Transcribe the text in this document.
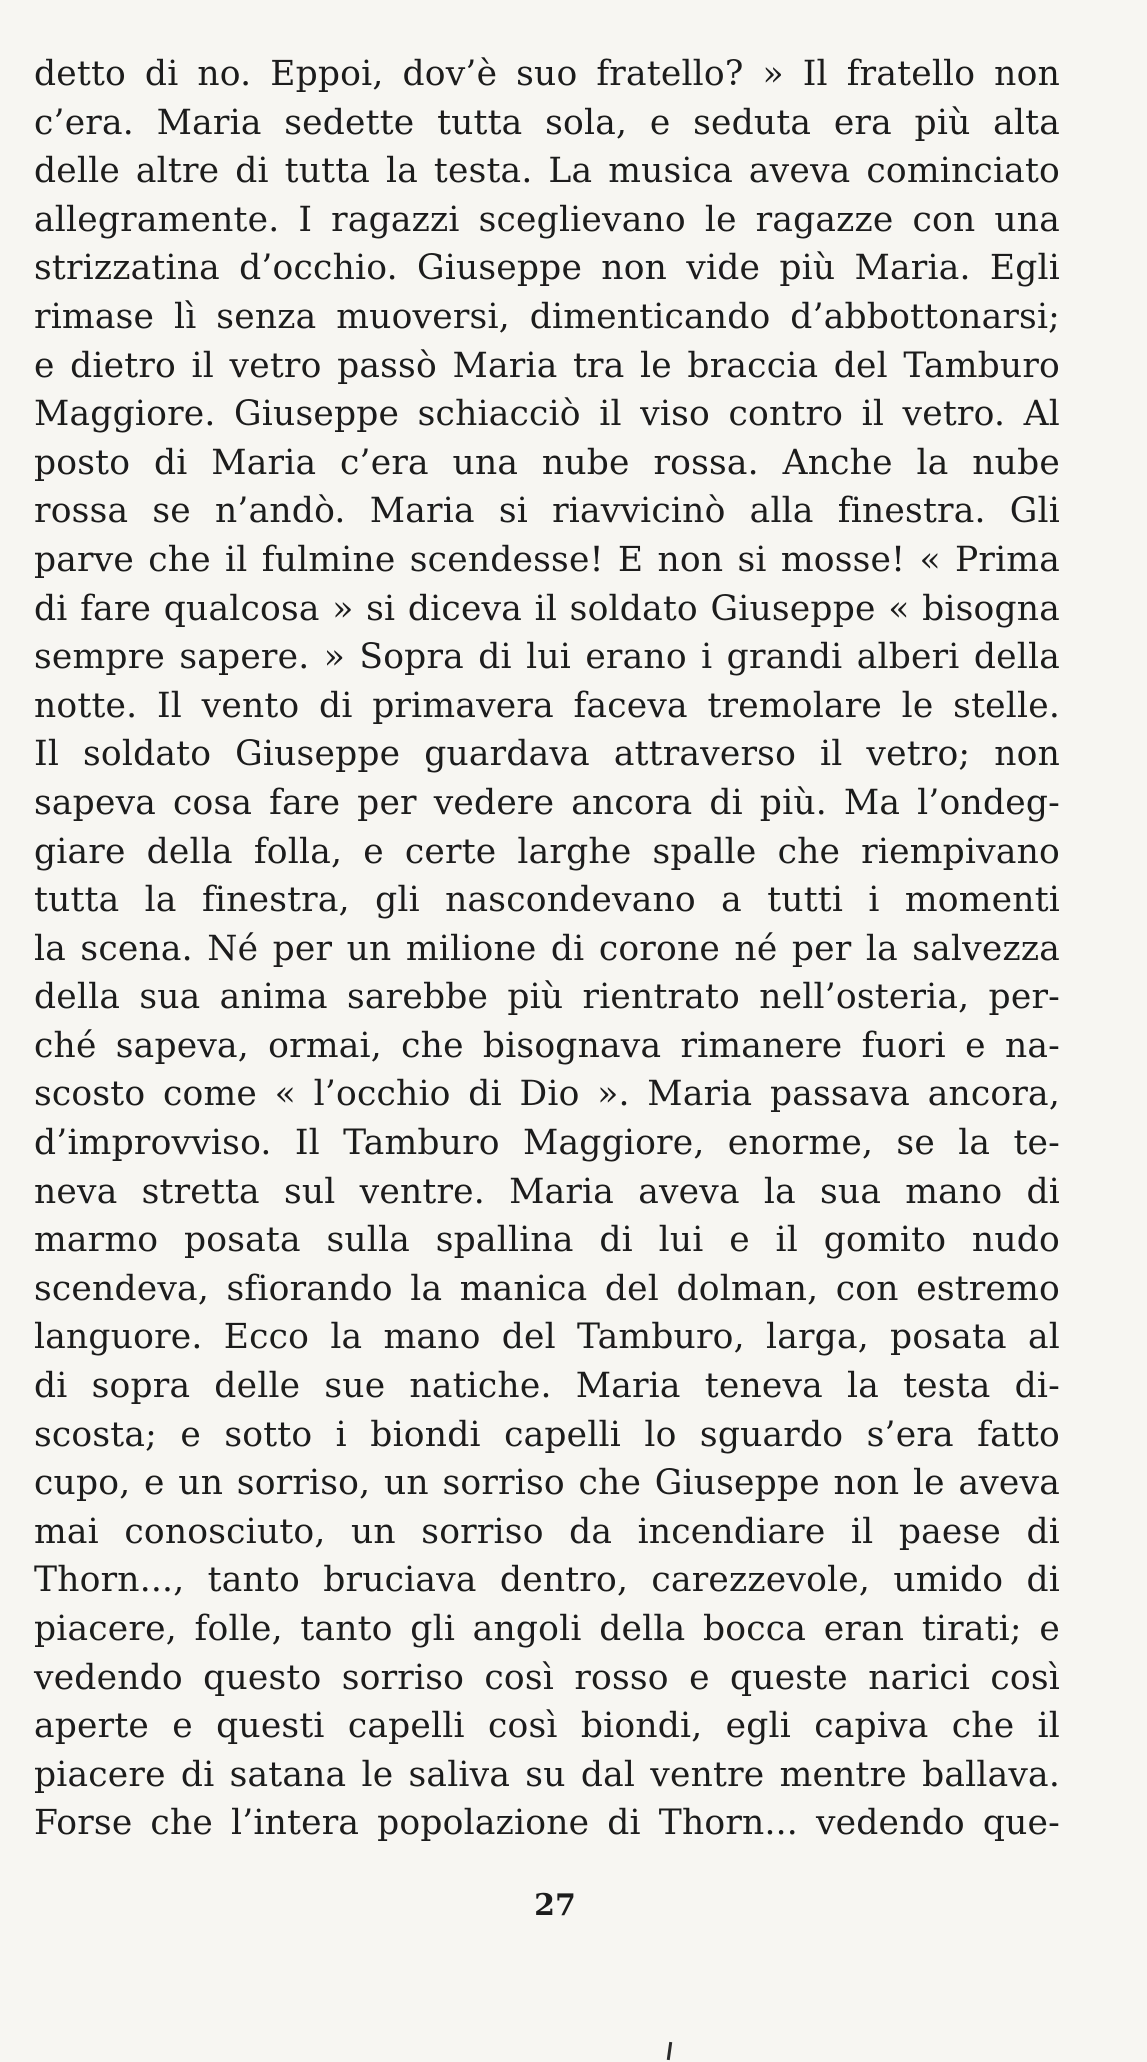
detto di no. Eppoi, dov’è suo fratello? » Il fratello non
c’era. Maria sedette tutta sola, e seduta era più alta
delle altre di tutta la testa. La musica aveva cominciato
allegramente. I ragazzi sceglievano le ragazze con una
strizzatina d’occhio. Giuseppe non vide più Maria. Egli
rimase lì senza muoversi, dimenticando d’abbottonarsi;
e dietro il vetro passò Maria tra le braccia del Tamburo
Maggiore. Giuseppe schiacciò il viso contro il vetro. Al
posto di Maria c’era una nube rossa. Anche la nube
rossa se n’andò. Maria si riavvicinò alla finestra. Gli
parve che il fulmine scendesse! E non si mosse! « Prima
di fare qualcosa » si diceva il soldato Giuseppe « bisogna
sempre sapere. » Sopra di lui erano i grandi alberi della
notte. Il vento di primavera faceva tremolare le stelle.
Il soldato Giuseppe guardava attraverso il vetro; non
sapeva cosa fare per vedere ancora di più. Ma l’ondeg-
giare della folla, e certe larghe spalle che riempivano
tutta la finestra, gli nascondevano a tutti i momenti
la scena. Né per un milione di corone né per la salvezza
della sua anima sarebbe più rientrato nell’osteria, per-
ché sapeva, ormai, che bisognava rimanere fuori e na-
scosto come « l’occhio di Dio ». Maria passava ancora,
d’improvviso. Il Tamburo Maggiore, enorme, se la te-
neva stretta sul ventre. Maria aveva la sua mano di
marmo posata sulla spallina di lui e il gomito nudo
scendeva, sfiorando la manica del dolman, con estremo
languore. Ecco la mano del Tamburo, larga, posata al
di sopra delle sue natiche. Maria teneva la testa di-
scosta; e sotto i biondi capelli lo sguardo s’era fatto
cupo, e un sorriso, un sorriso che Giuseppe non le aveva
mai conosciuto, un sorriso da incendiare il paese di
Thorn..., tanto bruciava dentro, carezzevole, umido di
piacere, folle, tanto gli angoli della bocca eran tirati; e
vedendo questo sorriso così rosso e queste narici così
aperte e questi capelli così biondi, egli capiva che il
piacere di satana le saliva su dal ventre mentre ballava.
Forse che l’intera popolazione di Thorn... vedendo que-
27
